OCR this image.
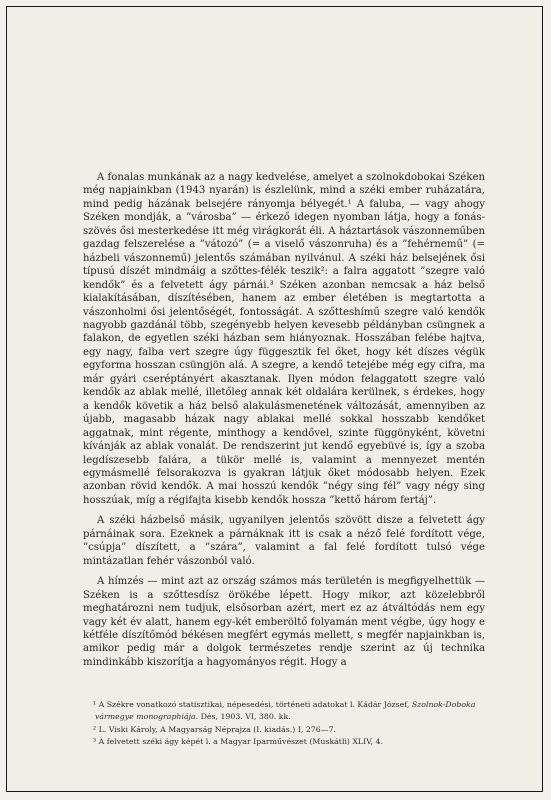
A fonalas munkának az a nagy kedvelése, amelyet a szolnokdobokai Széken még napjainkban (1943 nyarán) is észlelünk, mind a széki ember ruházatára, mind pedig házának belsejére rányomja bélyegét.¹ A faluba, — vagy ahogy Széken mondják, a ”városba” — érkező idegen nyomban látja, hogy a fonás-szövés ősi mesterkedése itt még virágkorát éli. A háztartások vászonneműben gazdag felszerelése a ”vátozó” (= a viselő vászonruha) és a ”fehérnemű” (= házbeli vászonnemű) jelentős számában nyilvánul. A széki ház belsejének ősi típusú díszét mindmáig a szőttes-félék teszik²: a falra aggatott ”szegre való kendők” és a felvetett ágy párnái.³ Széken azonban nemcsak a ház belső kialakításában, díszítésében, hanem az ember életében is megtartotta a vászonholmi ősi jelentőségét, fontosságát. A szőtteshímű szegre való kendők nagyobb gazdánál több, szegényebb helyen kevesebb példányban csüngnek a falakon, de egyetlen széki házban sem hiányoznak. Hosszában felébe hajtva, egy nagy, falba vert szegre úgy függesztik fel őket, hogy két díszes végük egyforma hosszan csüngjön alá. A szegre, a kendő tetejébe még egy cifra, ma már gyári cseréptányért akasztanak. Ilyen módon felaggatott szegre való kendők az ablak mellé, illetőleg annak két oldalára kerülnek, s érdekes, hogy a kendők követik a ház belső alakulásmenetének változását, amennyiben az újabb, magasabb házak nagy ablakai mellé sokkal hosszabb kendőket aggatnak, mint régente, minthogy a kendővel, szinte függönyként, követni kívánják az ablak vonalát. De rendszerint jut kendő egyebüvé is, így a szoba legdíszesebb falára, a tükör mellé is, valamint a mennyezet mentén egymásmellé felsorakozva is gyakran látjuk őket módosabb helyen. Ezek azonban rövid kendők. A mai hosszú kendők ”négy sing fél” vagy négy sing hosszúak, míg a régifajta kisebb kendők hossza ”kettő három fertáj”.

A széki házbelső másik, ugyanilyen jelentős szövött disze a felvetett ágy párnáinak sora. Ezeknek a párnáknak itt is csak a néző felé fordított vége, ”csúpja” díszített, a ”szára”, valamint a fal felé fordított tulsó vége mintázatlan fehér vászonból való.

A hímzés — mint azt az ország számos más területén is megfigyelhettük — Széken is a szőttesdísz örökébe lépett. Hogy mikor, azt közelebbről meghatározni nem tudjuk, elsősorban azért, mert ez az átváltódás nem egy vagy két év alatt, hanem egy-két emberöltő folyamán ment végbe, úgy hogy e kétféle díszítőmód békésen megfért egymás mellett, s megfér napjainkban is, amikor pedig már a dolgok természetes rendje szerint az új technika mindinkább kiszorítja a hagyományos régit. Hogy a

¹ A Székre vonatkozó statisztikai, népesedési, történeti adatokat l. Kádár József, Szolnok-Doboka vármegye monographiája. Dés, 1903. VI, 380. kk.
² L. Viski Károly, A Magyarság Néprajza (I. kiadás.) I, 276—7.
³ A felvetett széki ágy képét l. a Magyar Iparművészet (Muskátli) XLIV, 4.
